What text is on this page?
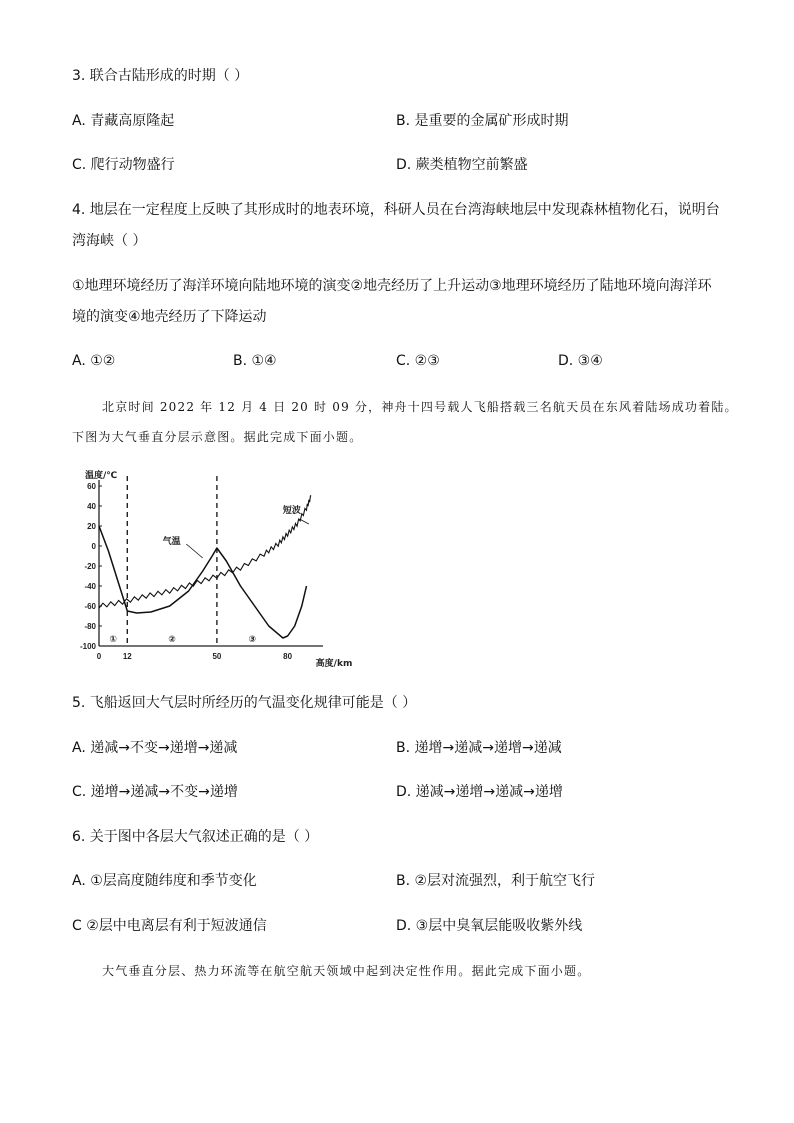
3. 联合古陆形成的时期（ ）
A. 青藏高原隆起	B. 是重要的金属矿形成时期
C. 爬行动物盛行	D. 蕨类植物空前繁盛
4. 地层在一定程度上反映了其形成时的地表环境，科研人员在台湾海峡地层中发现森林植物化石，说明台
湾海峡（ ）
①地理环境经历了海洋环境向陆地环境的演变②地壳经历了上升运动③地理环境经历了陆地环境向海洋环
境的演变④地壳经历了下降运动
A. ①②	B. ①④	C. ②③	D. ③④
北京时间 2022 年 12 月 4 日 20 时 09 分，神舟十四号载人飞船搭载三名航天员在东风着陆场成功着陆。
下图为大气垂直分层示意图。据此完成下面小题。
60
40
20
0
-20
-40
-60
-80
-100
0	12	50	80
温度/℃
高度/km
①	②	③
气温
短波
5. 飞船返回大气层时所经历的气温变化规律可能是（ ）
A. 递减→不变→递增→递减	B. 递增→递减→递增→递减
C. 递增→递减→不变→递增	D. 递减→递增→递减→递增
6. 关于图中各层大气叙述正确的是（ ）
A. ①层高度随纬度和季节变化	B. ②层对流强烈，利于航空飞行
C ②层中电离层有利于短波通信	D. ③层中臭氧层能吸收紫外线
大气垂直分层、热力环流等在航空航天领域中起到决定性作用。据此完成下面小题。
